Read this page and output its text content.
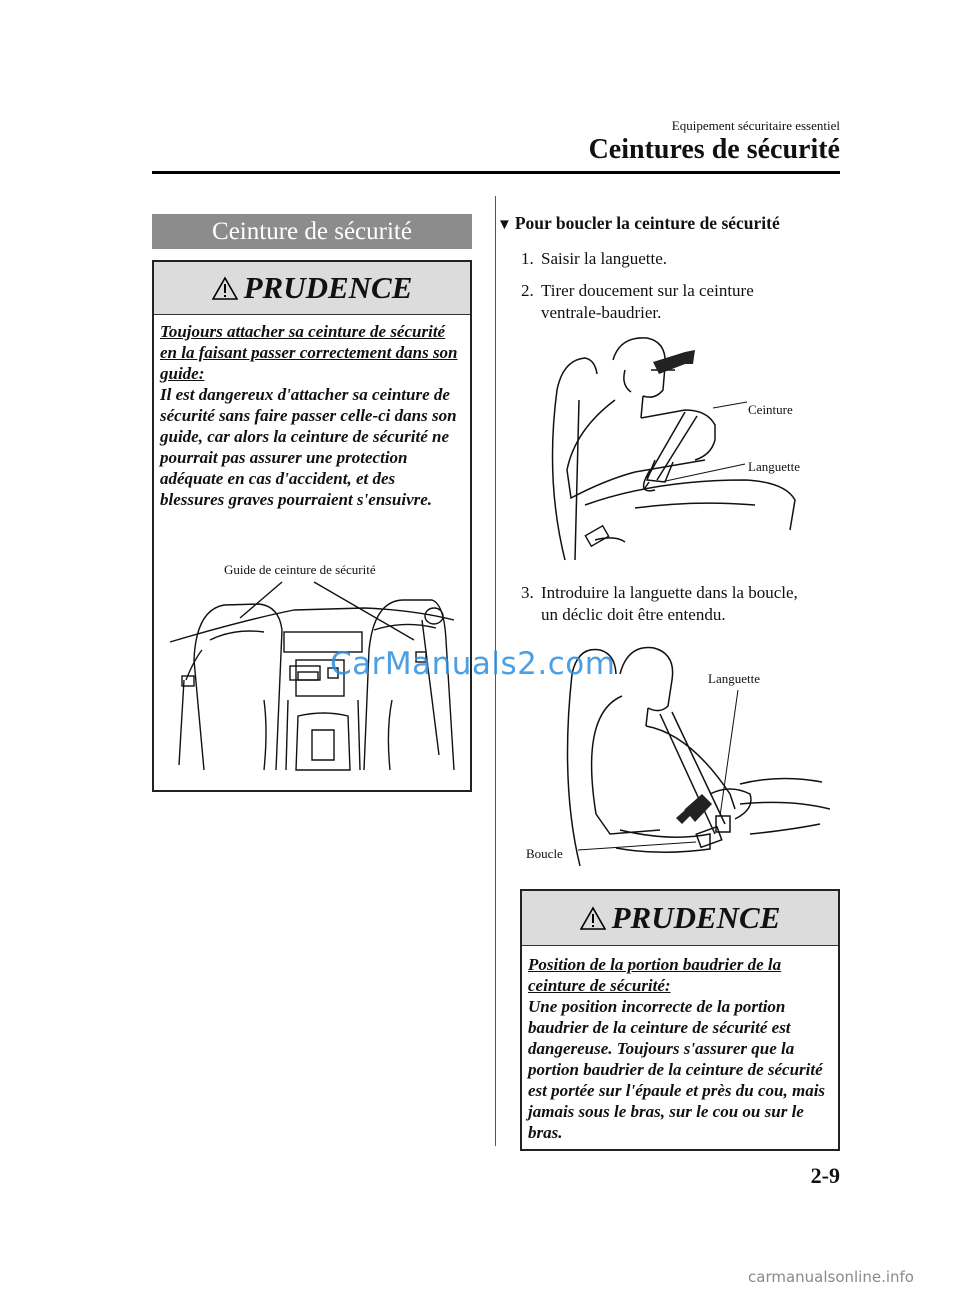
Equipement sécuritaire essentiel
Ceintures de sécurité
Ceinture de sécurité
PRUDENCE
Toujours attacher sa ceinture de sécurité en la faisant passer correctement dans son guide:
Il est dangereux d'attacher sa ceinture de sécurité sans faire passer celle-ci dans son guide, car alors la ceinture de sécurité ne pourrait pas assurer une protection adéquate en cas d'accident, et des blessures graves pourraient s'ensuivre.
Guide de ceinture de sécurité
▼ Pour boucler la ceinture de sécurité
1. Saisir la languette.
2. Tirer doucement sur la ceinture
ventrale-baudrier.
Ceinture
Languette
3. Introduire la languette dans la boucle,
un déclic doit être entendu.
Languette
Boucle
PRUDENCE
Position de la portion baudrier de la ceinture de sécurité:
Une position incorrecte de la portion baudrier de la ceinture de sécurité est dangereuse. Toujours s'assurer que la portion baudrier de la ceinture de sécurité est portée sur l'épaule et près du cou, mais jamais sous le bras, sur le cou ou sur le bras.
CarManuals2.com
2-9
carmanualsonline.info
